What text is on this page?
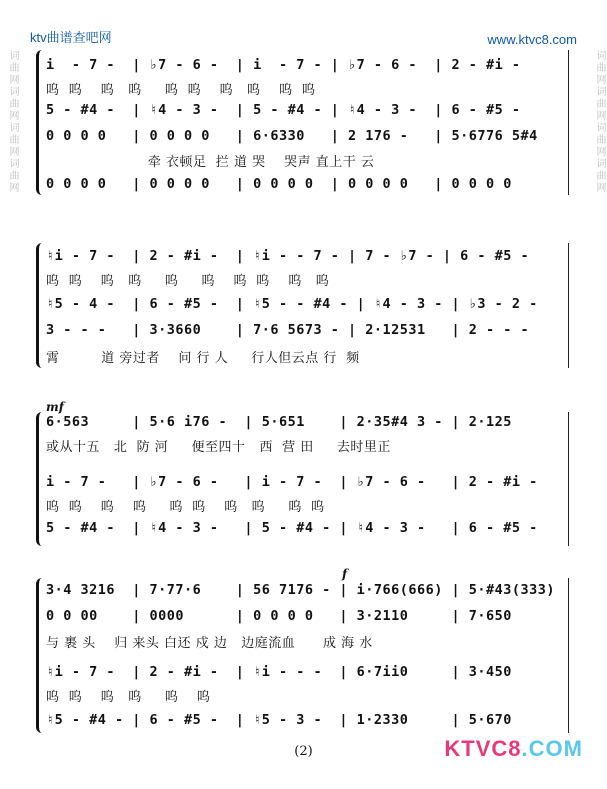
ktv曲谱查吧网	www.ktvc8.com
词曲网词曲网词曲网词曲网	词曲网词曲网词曲网词曲网
i  - 7 -  | ♭7 - 6 -  | i  - 7 - | ♭7 - 6 -  | 2 - #i -
呜  呜    呜   呜     呜  呜    呜   呜    呜  呜
5 - #4 -  | ♮4 - 3 -  | 5 - #4 - | ♮4 - 3 -  | 6 - #5 -
0 0 0 0   | 0 0 0 0   | 6·6330   | 2 176 -   | 5·6776 5#4
牵 衣顿足  拦 道 哭    哭声 直上干 云
0 0 0 0   | 0 0 0 0   | 0 0 0 0  | 0 0 0 0   | 0 0 0 0
♮i - 7 -  | 2 - #i -  | ♮i - - 7 - | 7 - ♭7 - | 6 - #5 -
呜  呜    呜   呜     呜     呜    呜  呜    呜   呜
♮5 - 4 -  | 6 - #5 -  | ♮5 - - #4 - | ♮4 - 3 - | ♭3 - 2 -
3 - - -   | 3·3660    | 7·6 5673 - | 2·12531   | 2 - - -
霄         道 旁过者    问 行 人     行人但云点 行  频
mf
6·563     | 5·6 i76 -  | 5·651    | 2·35#4 3 - | 2·125
或从十五   北  防 河     便至四十   西  营 田     去时里正
i - 7 -   | ♭7 - 6 -   | i - 7 -  | ♭7 - 6 -   | 2 - #i -
呜  呜    呜    呜     呜  呜    呜   呜     呜  呜
5 - #4 -  | ♮4 - 3 -   | 5 - #4 - | ♮4 - 3 -   | 6 - #5 -
f
3·4 3216  | 7·77·6    | 56 7176 - | i·766(666) | 5·#43(333)
0 0 00    | 0000      | 0 0 0 0   | 3·2110     | 7·650
与 裹 头    归 来头 白还 戍 边   边庭流血      成 海 水
♮i - 7 -  | 2 - #i -  | ♮i - - -  | 6·7ii0     | 3·450
呜  呜    呜   呜     呜    呜
♮5 - #4 - | 6 - #5 -  | ♮5 - 3 -  | 1·2330     | 5·670
(2)	KTVC8.COM
